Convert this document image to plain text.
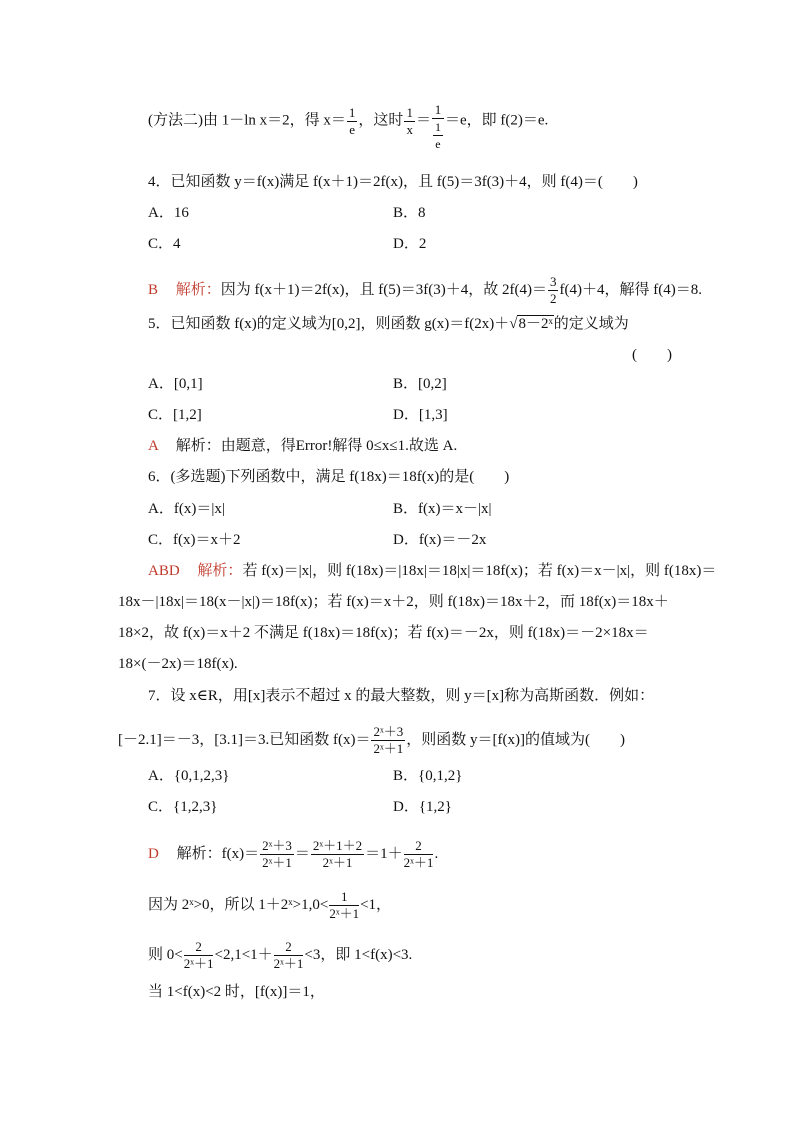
(方法二)由 1－ln x＝2，得 $x= \frac{1}{e}$ ，这时 $\frac{1}{x} = \frac{1}{\frac{1}{e}} =e$，即 f(2)＝e.
4．已知函数 y＝f(x)满足 f(x＋1)＝2f(x)，且 f(5)＝3f(3)＋4，则 f(4)＝(　　)
A．16	B．8
C．4	D．2
B 解析：因为 f(x＋1)＝2f(x)，且 f(5)＝3f(3)＋4，故 $2f(4)= \frac{3}{2} f(4)+4$，解得 f(4)＝8.
5．已知函数 f(x)的定义域为[0,2]，则函数 g(x)＝f(2x)＋√8－2ˣ的定义域为
(　　)
A．[0,1]	B．[0,2]
C．[1,2]	D．[1,3]
A 解析：由题意，得Error!解得 0≤x≤1.故选 A.
6．(多选题)下列函数中，满足 f(18x)＝18f(x)的是(　　)
A．f(x)＝|x|	B．f(x)＝x－|x|
C．f(x)＝x＋2	D．f(x)＝－2x
ABD 解析：若 f(x)＝|x|，则 f(18x)＝|18x|＝18|x|＝18f(x)；若 f(x)＝x－|x|，则 f(18x)＝
18x－|18x|＝18(x－|x|)＝18f(x)；若 f(x)＝x＋2，则 f(18x)＝18x＋2，而 18f(x)＝18x＋
18×2，故 f(x)＝x＋2 不满足 f(18x)＝18f(x)；若 f(x)＝－2x，则 f(18x)＝－2×18x＝
18×(－2x)＝18f(x).
7．设 x∈R，用[x]表示不超过 x 的最大整数，则 y＝[x]称为高斯函数．例如：
[－2.1]＝－3，[3.1]＝3.已知函数 $f(x)= \frac{\text{2ˣ＋3}}{\text{2ˣ＋1}}$ ，则函数 y＝[f(x)]的值域为(　　)
A．{0,1,2,3}	B．{0,1,2}
C．{1,2,3}	D．{1,2}
D 解析：$f(x)= \frac{\text{2ˣ＋3}}{\text{2ˣ＋1}} = \frac{\text{2ˣ＋1＋2}}{\text{2ˣ＋1}} =1+ \frac{2}{\text{2ˣ＋1}}$ .
因为 2ˣ>0，所以 1＋2ˣ>1,0< $\frac{1}{\text{2ˣ＋1}} <1$，
则 $0< \frac{2}{\text{2ˣ＋1}} <2,1<1+ \frac{2}{\text{2ˣ＋1}} <3$，即 1<f(x)<3.
当 1<f(x)<2 时，[f(x)]＝1，
